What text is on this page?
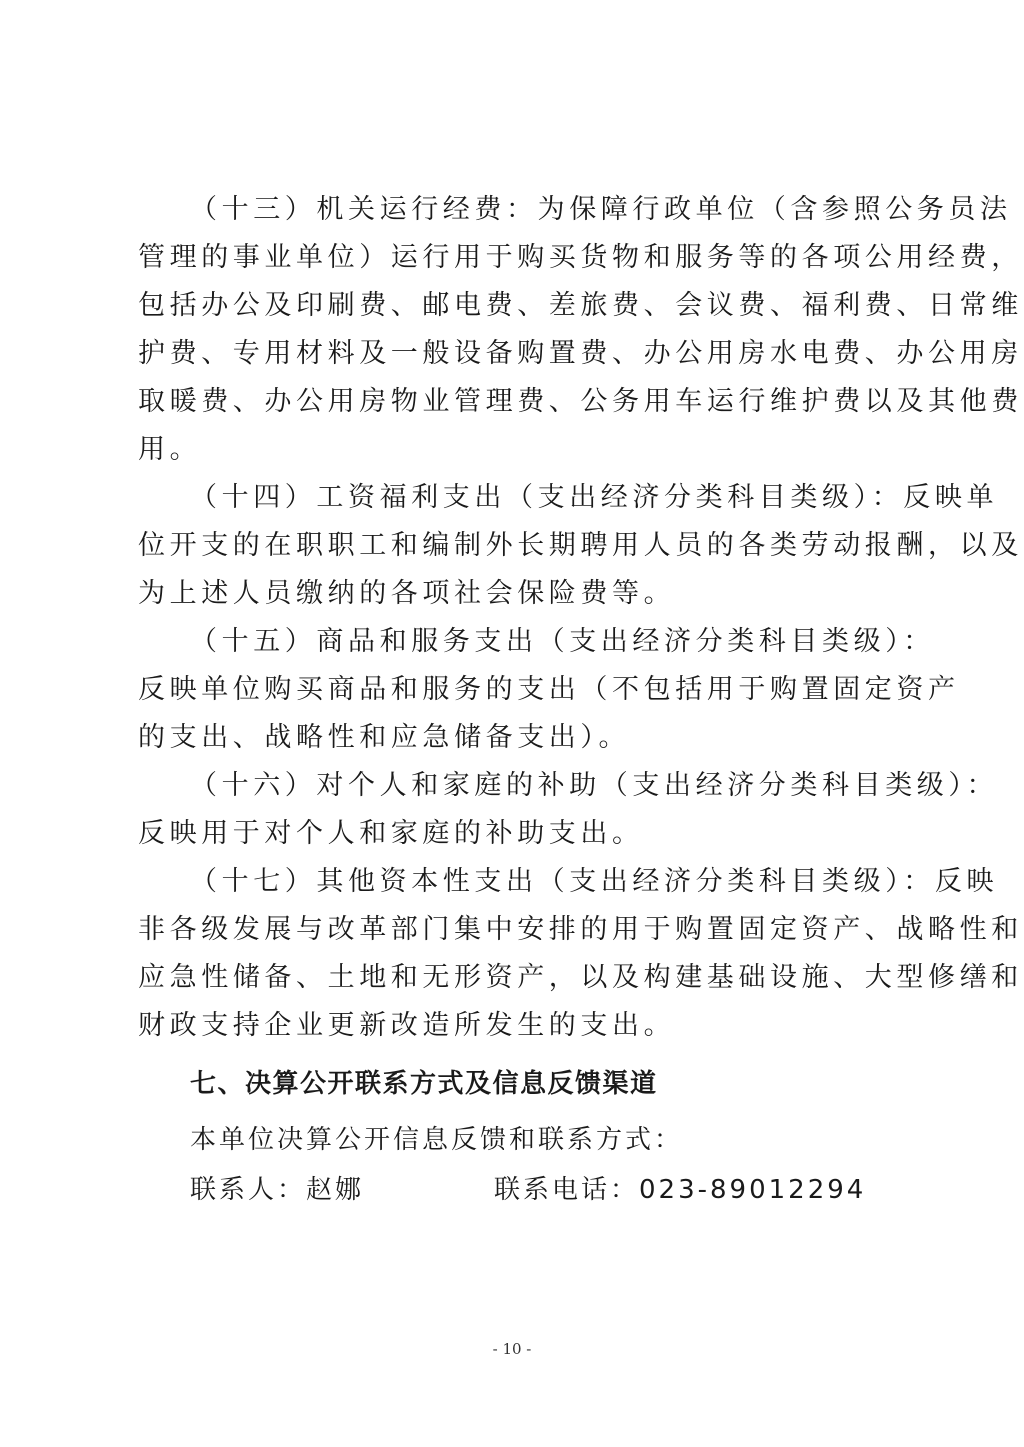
（十三）机关运行经费：为保障行政单位（含参照公务员法
管理的事业单位）运行用于购买货物和服务等的各项公用经费，
包括办公及印刷费、邮电费、差旅费、会议费、福利费、日常维
护费、专用材料及一般设备购置费、办公用房水电费、办公用房
取暖费、办公用房物业管理费、公务用车运行维护费以及其他费
用。
（十四）工资福利支出（支出经济分类科目类级）：反映单
位开支的在职职工和编制外长期聘用人员的各类劳动报酬，以及
为上述人员缴纳的各项社会保险费等。
（十五）商品和服务支出（支出经济分类科目类级）：
反映单位购买商品和服务的支出（不包括用于购置固定资产
的支出、战略性和应急储备支出）。
（十六）对个人和家庭的补助（支出经济分类科目类级）：
反映用于对个人和家庭的补助支出。
（十七）其他资本性支出（支出经济分类科目类级）：反映
非各级发展与改革部门集中安排的用于购置固定资产、战略性和
应急性储备、土地和无形资产，以及构建基础设施、大型修缮和
财政支持企业更新改造所发生的支出。
七、决算公开联系方式及信息反馈渠道
本单位决算公开信息反馈和联系方式：
联系人：赵娜	联系电话：023-89012294
- 10 -
